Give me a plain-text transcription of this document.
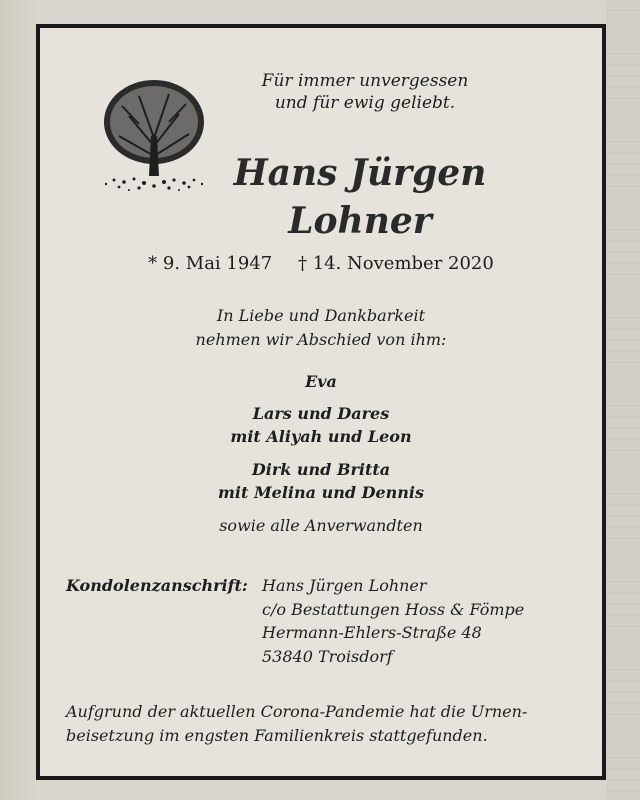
Für immer unvergessen
und für ewig geliebt.
Hans Jürgen
Lohner
* 9. Mai 1947 † 14. November 2020
In Liebe und Dankbarkeit
nehmen wir Abschied von ihm:
Eva
Lars und Dares
mit Aliyah und Leon
Dirk und Britta
mit Melina und Dennis
sowie alle Anverwandten
Kondolenzanschrift: Hans Jürgen Lohner
c/o Bestattungen Hoss & Fömpe
Hermann-Ehlers-Straße 48
53840 Troisdorf
Aufgrund der aktuellen Corona-Pandemie hat die Urnen-
beisetzung im engsten Familienkreis stattgefunden.
